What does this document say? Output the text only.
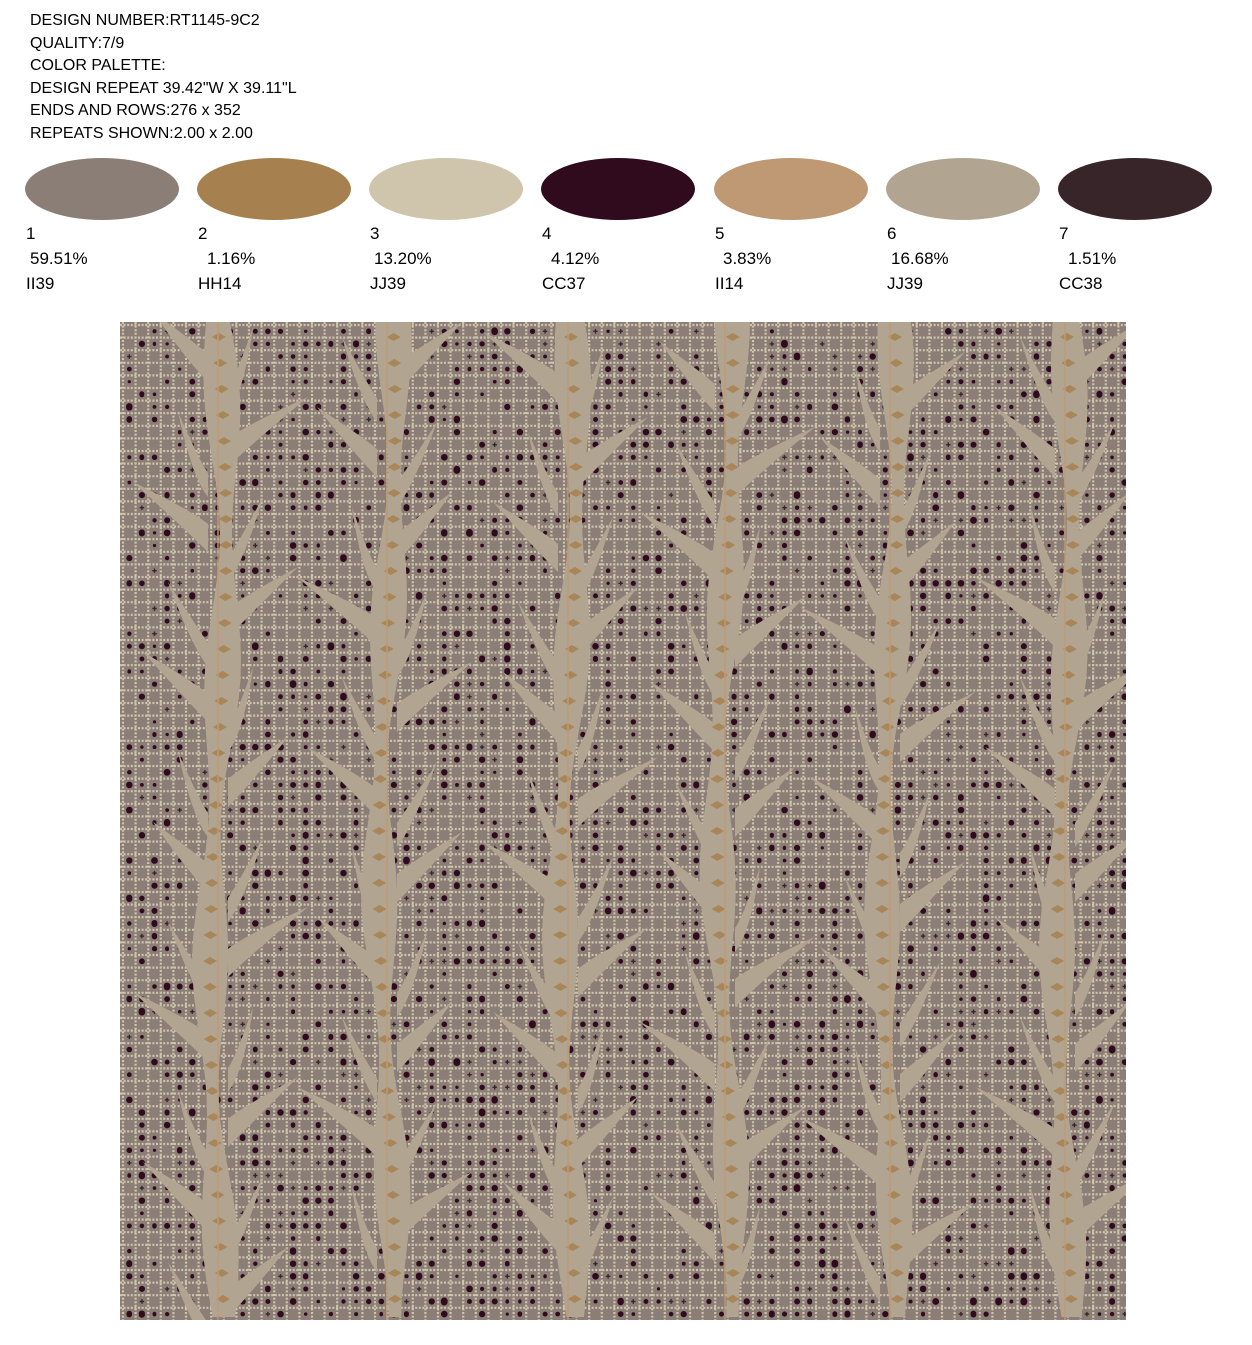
DESIGN NUMBER:RT1145-9C2
QUALITY:7/9
COLOR PALETTE:
DESIGN REPEAT 39.42"W X 39.11"L
ENDS AND ROWS:276 x 352
REPEATS SHOWN:2.00 x 2.00
1
59.51%
II39
2
1.16%
HH14
3
13.20%
JJ39
4
4.12%
CC37
5
3.83%
II14
6
16.68%
JJ39
7
1.51%
CC38
